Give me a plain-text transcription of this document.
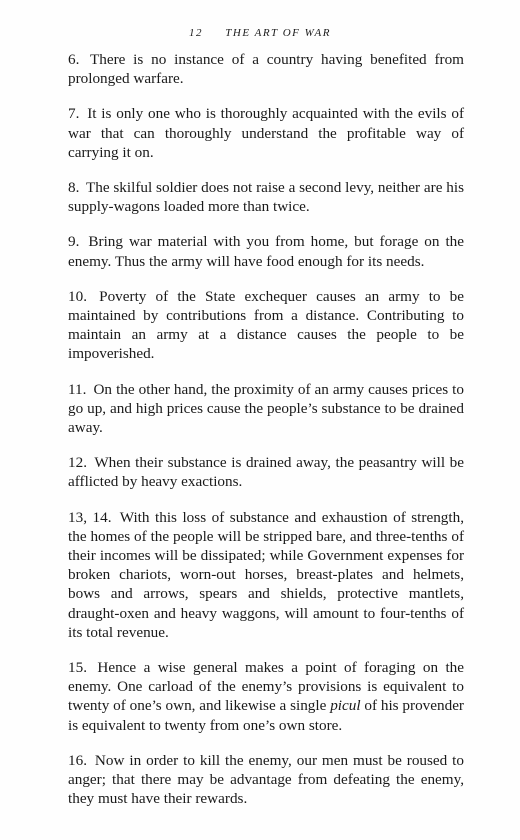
12 THE ART OF WAR

6. There is no instance of a country having benefited from prolonged warfare.

7. It is only one who is thoroughly acquainted with the evils of war that can thoroughly understand the profitable way of carrying it on.

8. The skilful soldier does not raise a second levy, neither are his supply-wagons loaded more than twice.

9. Bring war material with you from home, but forage on the enemy. Thus the army will have food enough for its needs.

10. Poverty of the State exchequer causes an army to be maintained by contributions from a distance. Contributing to maintain an army at a distance causes the people to be impoverished.

11. On the other hand, the proximity of an army causes prices to go up, and high prices cause the people’s substance to be drained away.

12. When their substance is drained away, the peasantry will be afflicted by heavy exactions.

13, 14. With this loss of substance and exhaustion of strength, the homes of the people will be stripped bare, and three-tenths of their incomes will be dissipated; while Government expenses for broken chariots, worn-out horses, breast-plates and helmets, bows and arrows, spears and shields, protective mantlets, draught-oxen and heavy waggons, will amount to four-tenths of its total revenue.

15. Hence a wise general makes a point of foraging on the enemy. One carload of the enemy’s provisions is equivalent to twenty of one’s own, and likewise a single picul of his provender is equivalent to twenty from one’s own store.

16. Now in order to kill the enemy, our men must be roused to anger; that there may be advantage from defeating the enemy, they must have their rewards.
